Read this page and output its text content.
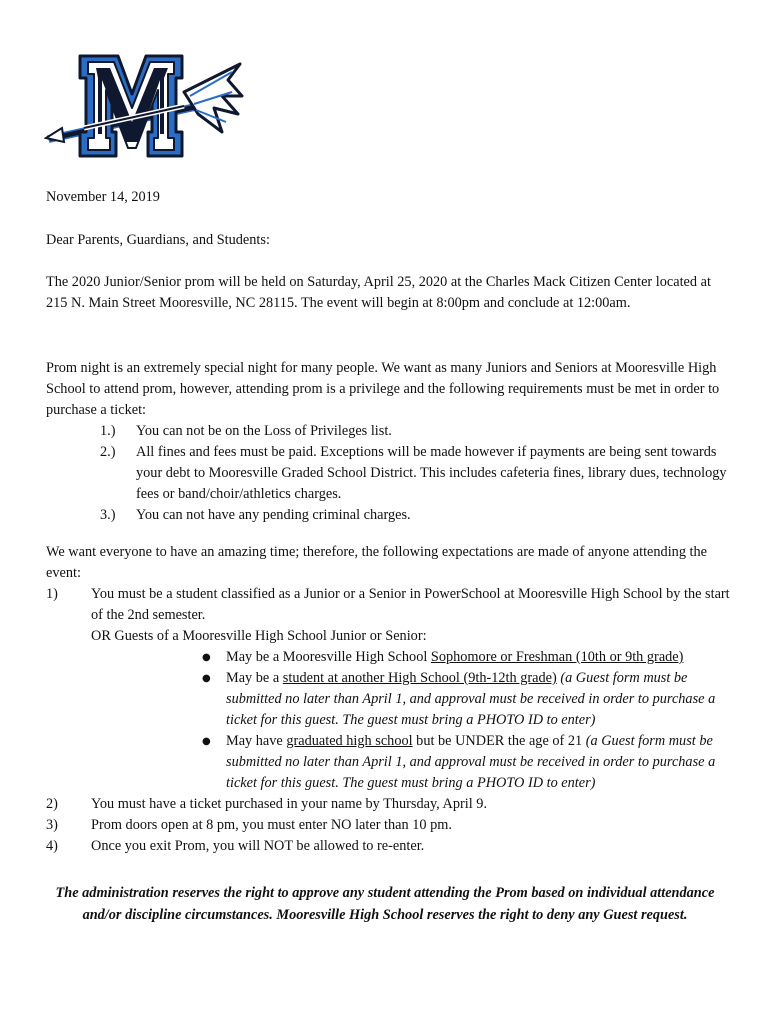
November 14, 2019
Dear Parents, Guardians, and Students:
The 2020 Junior/Senior prom will be held on Saturday, April 25, 2020 at the Charles Mack Citizen Center located at 215 N. Main Street Mooresville, NC 28115. The event will begin at 8:00pm and conclude at 12:00am.

Prom night is an extremely special night for many people. We want as many Juniors and Seniors at Mooresville High School to attend prom, however, attending prom is a privilege and the following requirements must be met in order to purchase a ticket:

1.)	You can not be on the Loss of Privileges list.
2.)	All fines and fees must be paid. Exceptions will be made however if payments are being sent towards your debt to Mooresville Graded School District. This includes cafeteria fines, library dues, technology fees or band/choir/athletics charges.
3.)	You can not have any pending criminal charges.

We want everyone to have an amazing time; therefore, the following expectations are made of anyone attending the event:

1)	You must be a student classified as a Junior or a Senior in PowerSchool at Mooresville High School by the start of the 2nd semester.
OR Guests of a Mooresville High School Junior or Senior:
● May be a Mooresville High School Sophomore or Freshman (10th or 9th grade)
● May be a student at another High School (9th-12th grade) (a Guest form must be submitted no later than April 1, and approval must be received in order to purchase a ticket for this guest. The guest must bring a PHOTO ID to enter)
● May have graduated high school but be UNDER the age of 21 (a Guest form must be submitted no later than April 1, and approval must be received in order to purchase a ticket for this guest. The guest must bring a PHOTO ID to enter)
2)	You must have a ticket purchased in your name by Thursday, April 9.
3)	Prom doors open at 8 pm, you must enter NO later than 10 pm.
4)	Once you exit Prom, you will NOT be allowed to re-enter.
The administration reserves the right to approve any student attending the Prom based on individual attendance and/or discipline circumstances. Mooresville High School reserves the right to deny any Guest request.
